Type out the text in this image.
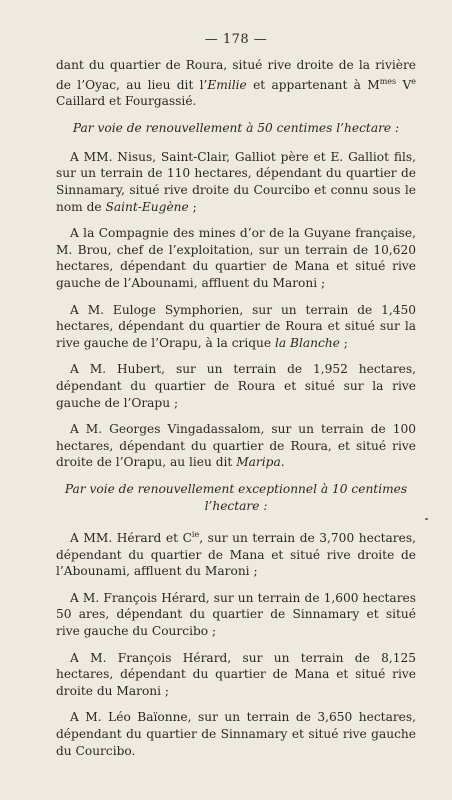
— 178 —
dant du quartier de Roura, situé rive droite de la rivière de l’Oyac, au lieu dit l’Emilie et appartenant à $M^{mes}$ Ve Caillard et Fourgassié.
Par voie de renouvellement à 50 centimes l’hectare :
A MM. Nisus, Saint-Clair, Galliot père et E. Galliot fils, sur un terrain de 110 hectares, dépendant du quartier de Sinnamary, situé rive droite du Courcibo et connu sous le nom de Saint-Eugène ;
A la Compagnie des mines d’or de la Guyane française, M. Brou, chef de l’exploitation, sur un terrain de 10,620 hectares, dépendant du quartier de Mana et situé rive gauche de l’Abounami, affluent du Maroni ;
A M. Euloge Symphorien, sur un terrain de 1,450 hectares, dépendant du quartier de Roura et situé sur la rive gauche de l’Orapu, à la crique la Blanche ;
A M. Hubert, sur un terrain de 1,952 hectares, dépendant du quartier de Roura et situé sur la rive gauche de l’Orapu ;
A M. Georges Vingadassalom, sur un terrain de 100 hectares, dépendant du quartier de Roura, et situé rive droite de l’Orapu, au lieu dit Maripa.
Par voie de renouvellement exceptionnel à 10 centimes l’hectare :
A MM. Hérard et $C^{ie}$, sur un terrain de 3,700 hectares, dépendant du quartier de Mana et situé rive droite de l’Abounami, affluent du Maroni ;
A M. François Hérard, sur un terrain de 1,600 hectares 50 ares, dépendant du quartier de Sinnamary et situé rive gauche du Courcibo ;
A M. François Hérard, sur un terrain de 8,125 hectares, dépendant du quartier de Mana et situé rive droite du Maroni ;
A M. Léo Baïonne, sur un terrain de 3,650 hectares, dépendant du quartier de Sinnamary et situé rive gauche du Courcibo.
